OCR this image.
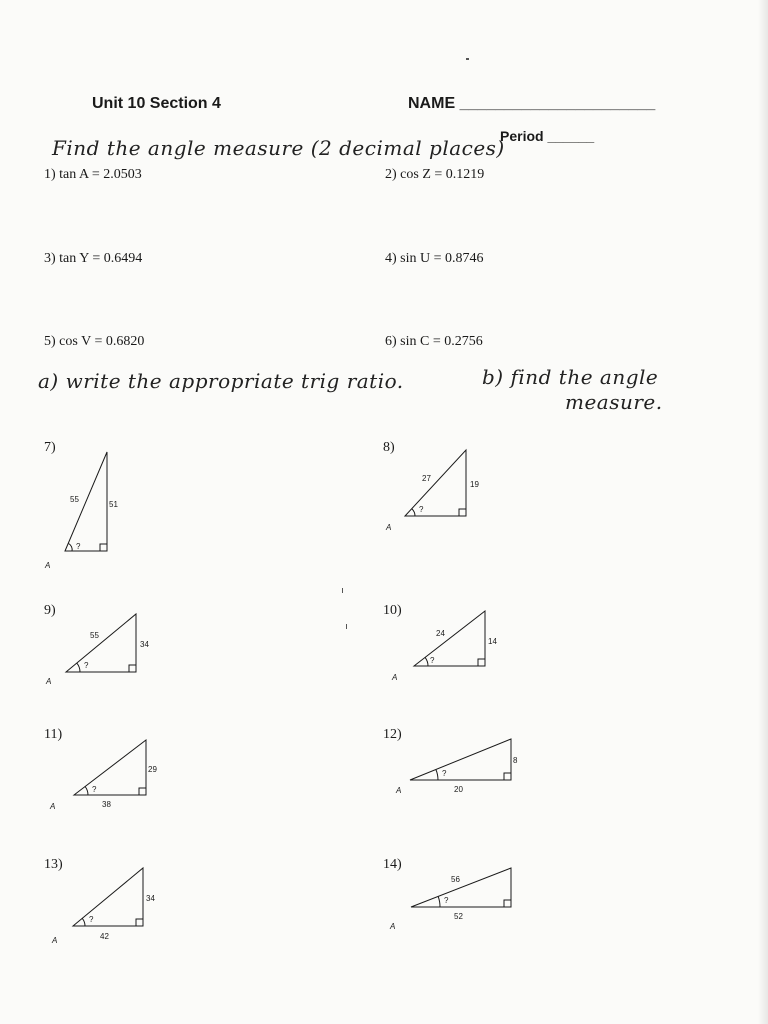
Unit 10 Section 4	NAME ______________________
Period ______
Find the angle measure (2 decimal places)
1) tan A = 2.0503	2) cos Z = 0.1219
3) tan Y = 0.6494	4) sin U = 0.8746
5) cos V = 0.6820	6) sin C = 0.2756
a) write the appropriate trig ratio.	b) find the angle
measure.
7)
?
55
51
A
8)
?
27
19
A
9)
?
55
34
A
10)
?
24
14
A
11)
?
29
38
A
12)
?
8
20
A
13)
?
34
42
A
14)
?
56
52
A
